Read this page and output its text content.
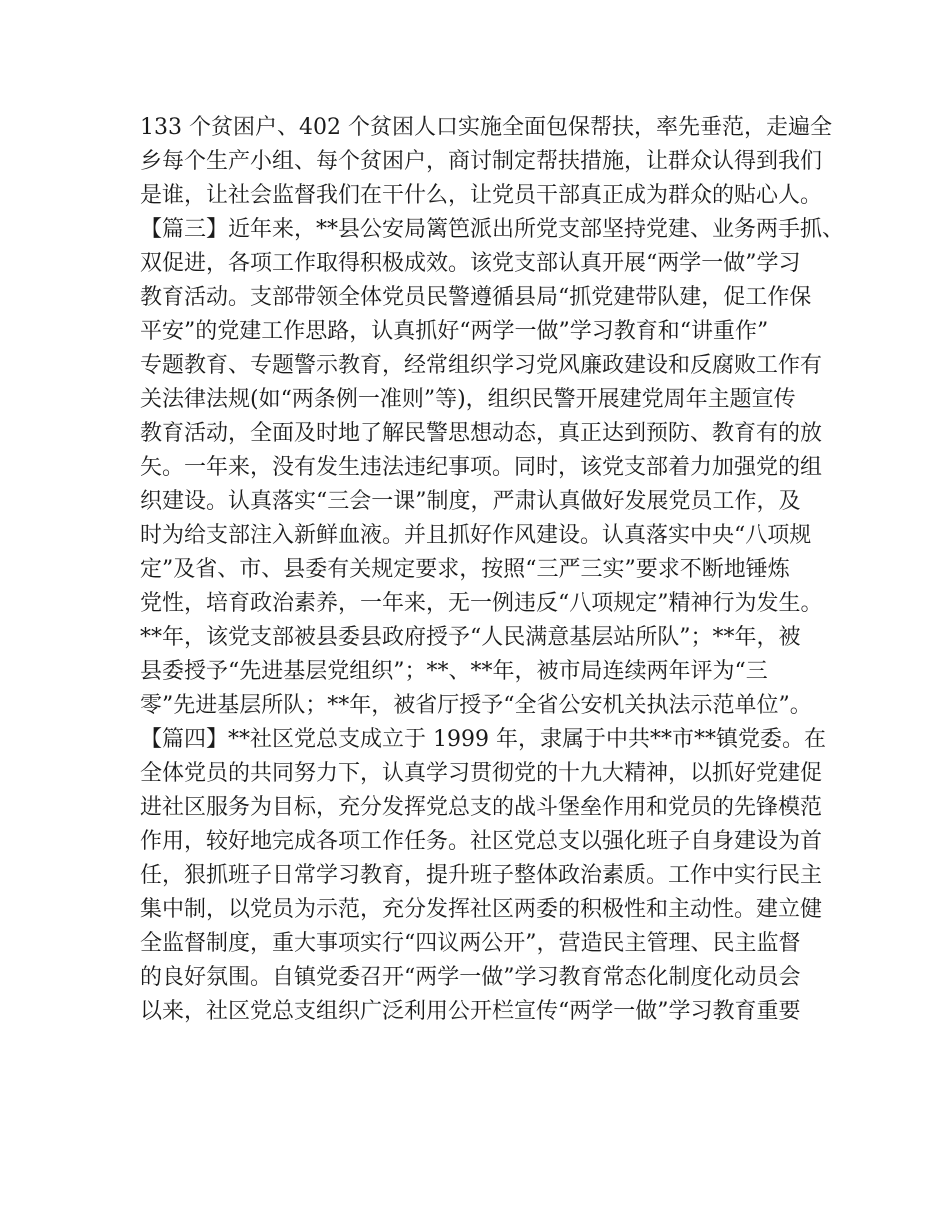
133 个贫困户、402 个贫困人口实施全面包保帮扶，率先垂范，走遍全
乡每个生产小组、每个贫困户，商讨制定帮扶措施，让群众认得到我们
是谁，让社会监督我们在干什么，让党员干部真正成为群众的贴心人。
【篇三】近年来，**县公安局篱笆派出所党支部坚持党建、业务两手抓、
双促进，各项工作取得积极成效。该党支部认真开展“两学一做”学习
教育活动。支部带领全体党员民警遵循县局“抓党建带队建，促工作保
平安”的党建工作思路，认真抓好“两学一做”学习教育和“讲重作”
专题教育、专题警示教育，经常组织学习党风廉政建设和反腐败工作有
关法律法规(如“两条例一准则”等)，组织民警开展建党周年主题宣传
教育活动，全面及时地了解民警思想动态，真正达到预防、教育有的放
矢。一年来，没有发生违法违纪事项。同时，该党支部着力加强党的组
织建设。认真落实“三会一课”制度，严肃认真做好发展党员工作，及
时为给支部注入新鲜血液。并且抓好作风建设。认真落实中央“八项规
定”及省、市、县委有关规定要求，按照“三严三实”要求不断地锤炼
党性，培育政治素养，一年来，无一例违反“八项规定”精神行为发生。
**年，该党支部被县委县政府授予“人民满意基层站所队”；**年，被
县委授予“先进基层党组织”；**、**年，被市局连续两年评为“三
零”先进基层所队；**年，被省厅授予“全省公安机关执法示范单位”。
【篇四】**社区党总支成立于 1999 年，隶属于中共**市**镇党委。在
全体党员的共同努力下，认真学习贯彻党的十九大精神，以抓好党建促
进社区服务为目标，充分发挥党总支的战斗堡垒作用和党员的先锋模范
作用，较好地完成各项工作任务。社区党总支以强化班子自身建设为首
任，狠抓班子日常学习教育，提升班子整体政治素质。工作中实行民主
集中制，以党员为示范，充分发挥社区两委的积极性和主动性。建立健
全监督制度，重大事项实行“四议两公开”，营造民主管理、民主监督
的良好氛围。自镇党委召开“两学一做”学习教育常态化制度化动员会
以来，社区党总支组织广泛利用公开栏宣传“两学一做”学习教育重要
